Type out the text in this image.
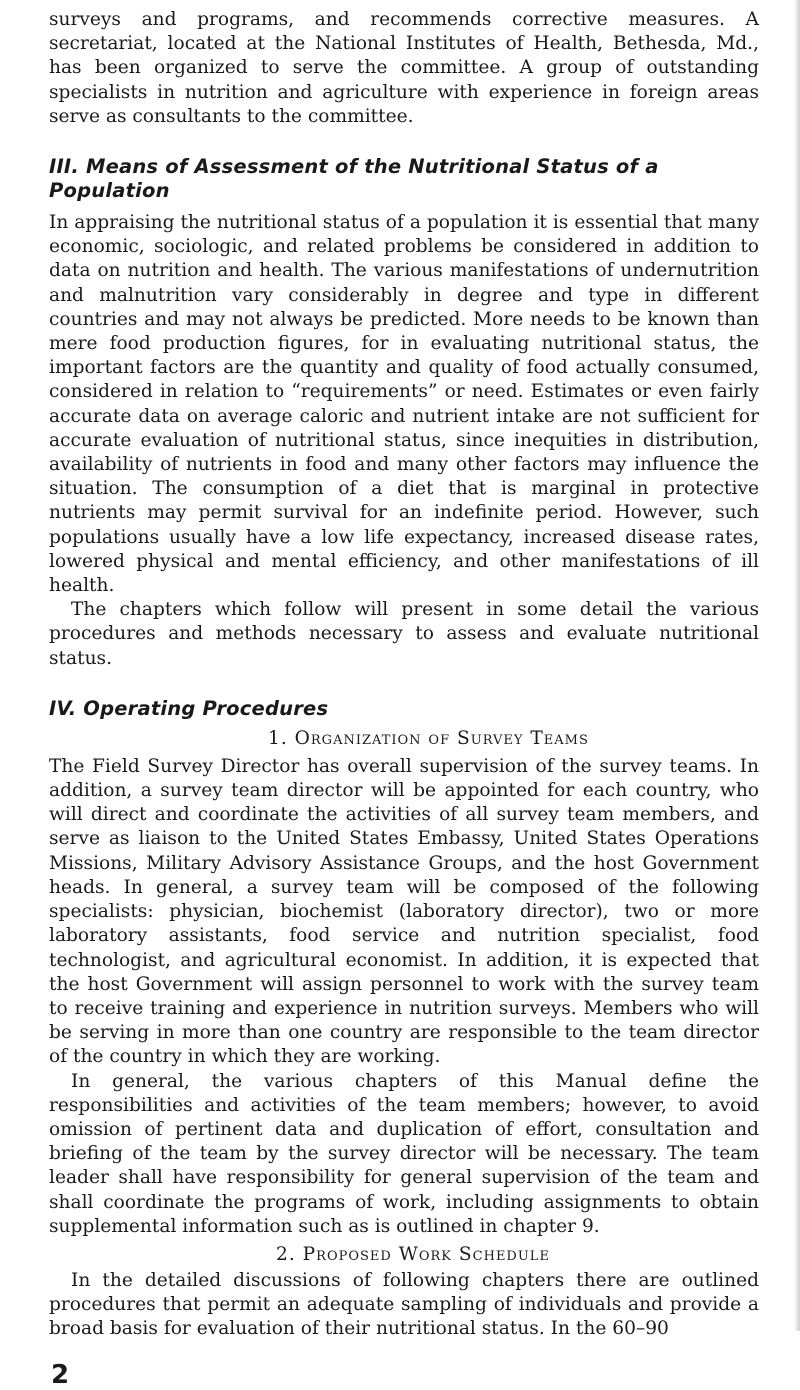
surveys and programs, and recommends corrective measures. A secretariat, located at the National Institutes of Health, Bethesda, Md., has been organized to serve the committee. A group of outstanding specialists in nutrition and agriculture with experience in foreign areas serve as consultants to the committee.

III. Means of Assessment of the Nutritional Status of a Population

In appraising the nutritional status of a population it is essential that many economic, sociologic, and related problems be considered in addition to data on nutrition and health. The various manifestations of undernutrition and malnutrition vary considerably in degree and type in different countries and may not always be predicted. More needs to be known than mere food production figures, for in evaluating nutritional status, the important factors are the quantity and quality of food actually consumed, considered in relation to “requirements” or need. Estimates or even fairly accurate data on average caloric and nutrient intake are not sufficient for accurate evaluation of nutritional status, since inequities in distribution, availability of nutrients in food and many other factors may influence the situation. The consumption of a diet that is marginal in protective nutrients may permit survival for an indefinite period. However, such populations usually have a low life expectancy, increased disease rates, lowered physical and mental efficiency, and other manifestations of ill health.

The chapters which follow will present in some detail the various procedures and methods necessary to assess and evaluate nutritional status.

IV. Operating Procedures
1. Organization of Survey Teams

The Field Survey Director has overall supervision of the survey teams. In addition, a survey team director will be appointed for each country, who will direct and coordinate the activities of all survey team members, and serve as liaison to the United States Embassy, United States Operations Missions, Military Advisory Assistance Groups, and the host Government heads. In general, a survey team will be composed of the following specialists: physician, biochemist (laboratory director), two or more laboratory assistants, food service and nutrition specialist, food technologist, and agricultural economist. In addition, it is expected that the host Government will assign personnel to work with the survey team to receive training and experience in nutrition surveys. Members who will be serving in more than one country are responsible to the team director of the country in which they are working.

In general, the various chapters of this Manual define the responsibilities and activities of the team members; however, to avoid omission of pertinent data and duplication of effort, consultation and briefing of the team by the survey director will be necessary. The team leader shall have responsibility for general supervision of the team and shall coordinate the programs of work, including assignments to obtain supplemental information such as is outlined in chapter 9.

2. Proposed Work Schedule

In the detailed discussions of following chapters there are outlined procedures that permit an adequate sampling of individuals and provide a broad basis for evaluation of their nutritional status. In the 60–90

2
